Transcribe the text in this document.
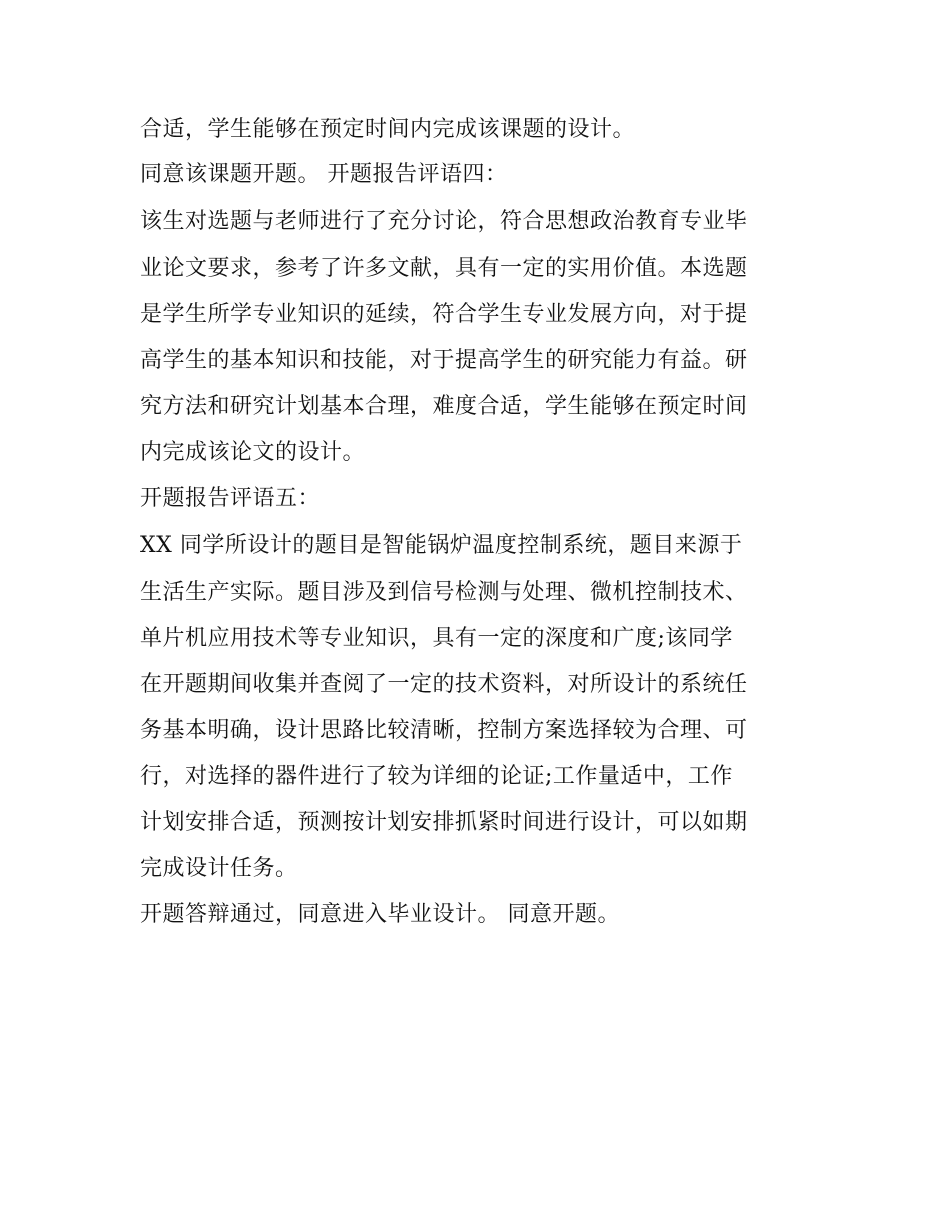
合适，学生能够在预定时间内完成该课题的设计。
同意该课题开题。 开题报告评语四：
该生对选题与老师进行了充分讨论，符合思想政治教育专业毕
业论文要求，参考了许多文献，具有一定的实用价值。本选题
是学生所学专业知识的延续，符合学生专业发展方向，对于提
高学生的基本知识和技能，对于提高学生的研究能力有益。研
究方法和研究计划基本合理，难度合适，学生能够在预定时间
内完成该论文的设计。
开题报告评语五：
XX 同学所设计的题目是智能锅炉温度控制系统，题目来源于
生活生产实际。题目涉及到信号检测与处理、微机控制技术、
单片机应用技术等专业知识，具有一定的深度和广度;该同学
在开题期间收集并查阅了一定的技术资料，对所设计的系统任
务基本明确，设计思路比较清晰，控制方案选择较为合理、可
行，对选择的器件进行了较为详细的论证;工作量适中，工作
计划安排合适，预测按计划安排抓紧时间进行设计，可以如期
完成设计任务。
开题答辩通过，同意进入毕业设计。 同意开题。
